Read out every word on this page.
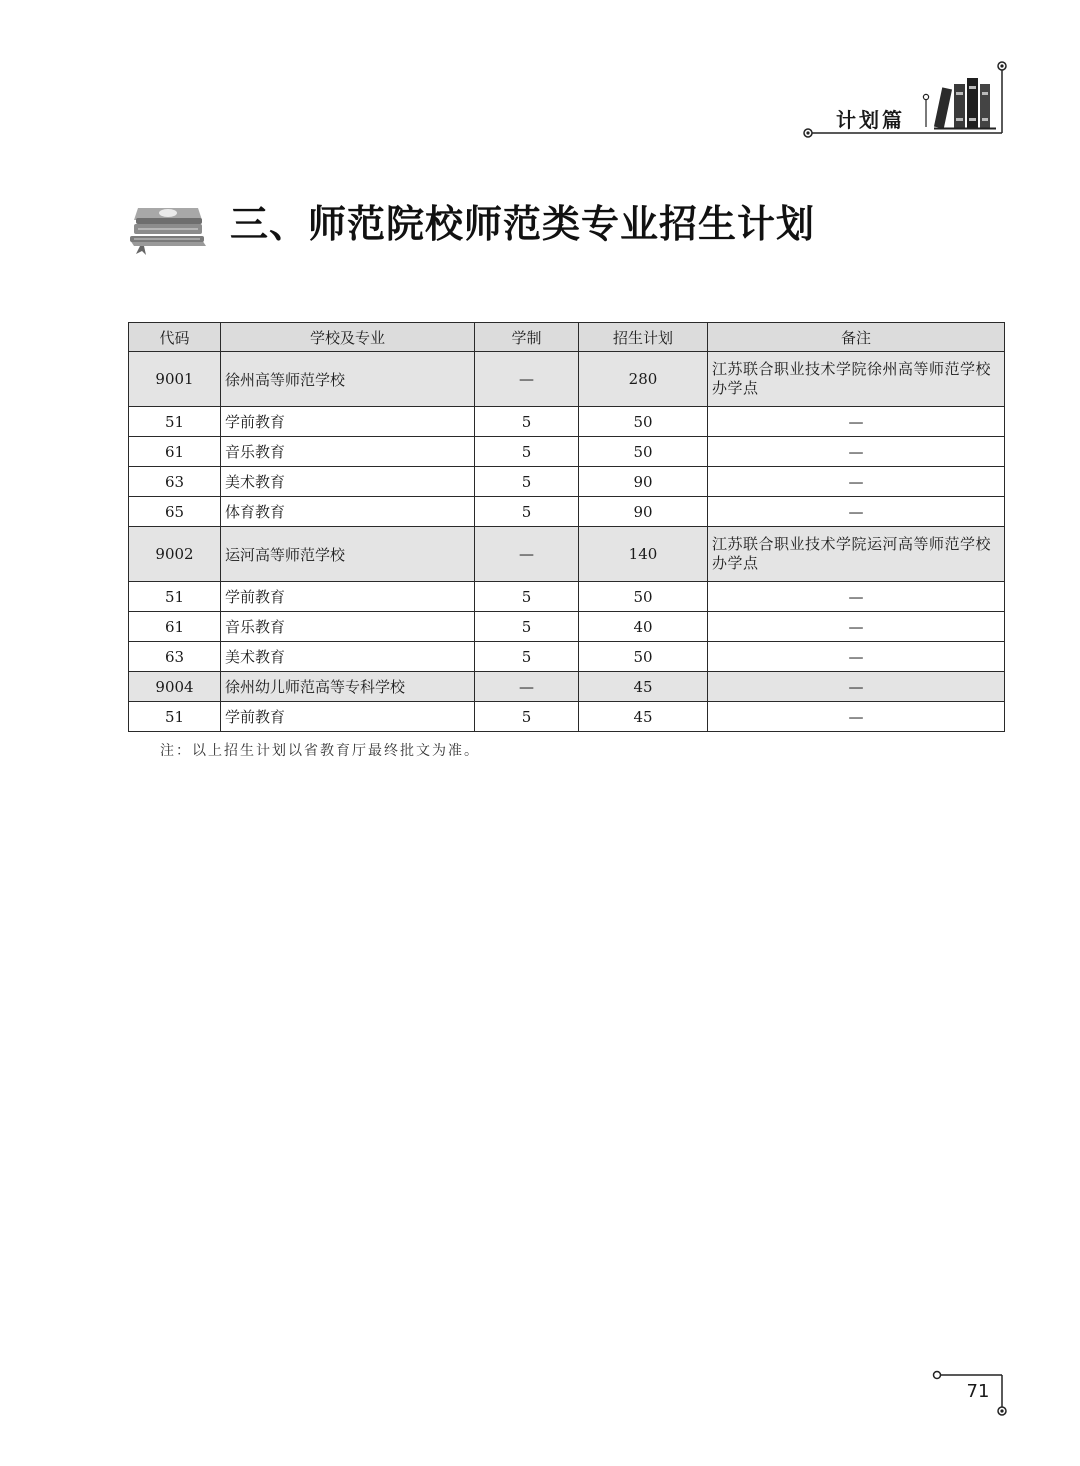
计划篇
三、师范院校师范类专业招生计划
代码	学校及专业	学制	招生计划	备注
9001	徐州高等师范学校	—	280	江苏联合职业技术学院徐州高等师范学校办学点
51	学前教育	5	50	—
61	音乐教育	5	50	—
63	美术教育	5	90	—
65	体育教育	5	90	—
9002	运河高等师范学校	—	140	江苏联合职业技术学院运河高等师范学校办学点
51	学前教育	5	50	—
61	音乐教育	5	40	—
63	美术教育	5	50	—
9004	徐州幼儿师范高等专科学校	—	45	—
51	学前教育	5	45	—
注：以上招生计划以省教育厅最终批文为准。
71
